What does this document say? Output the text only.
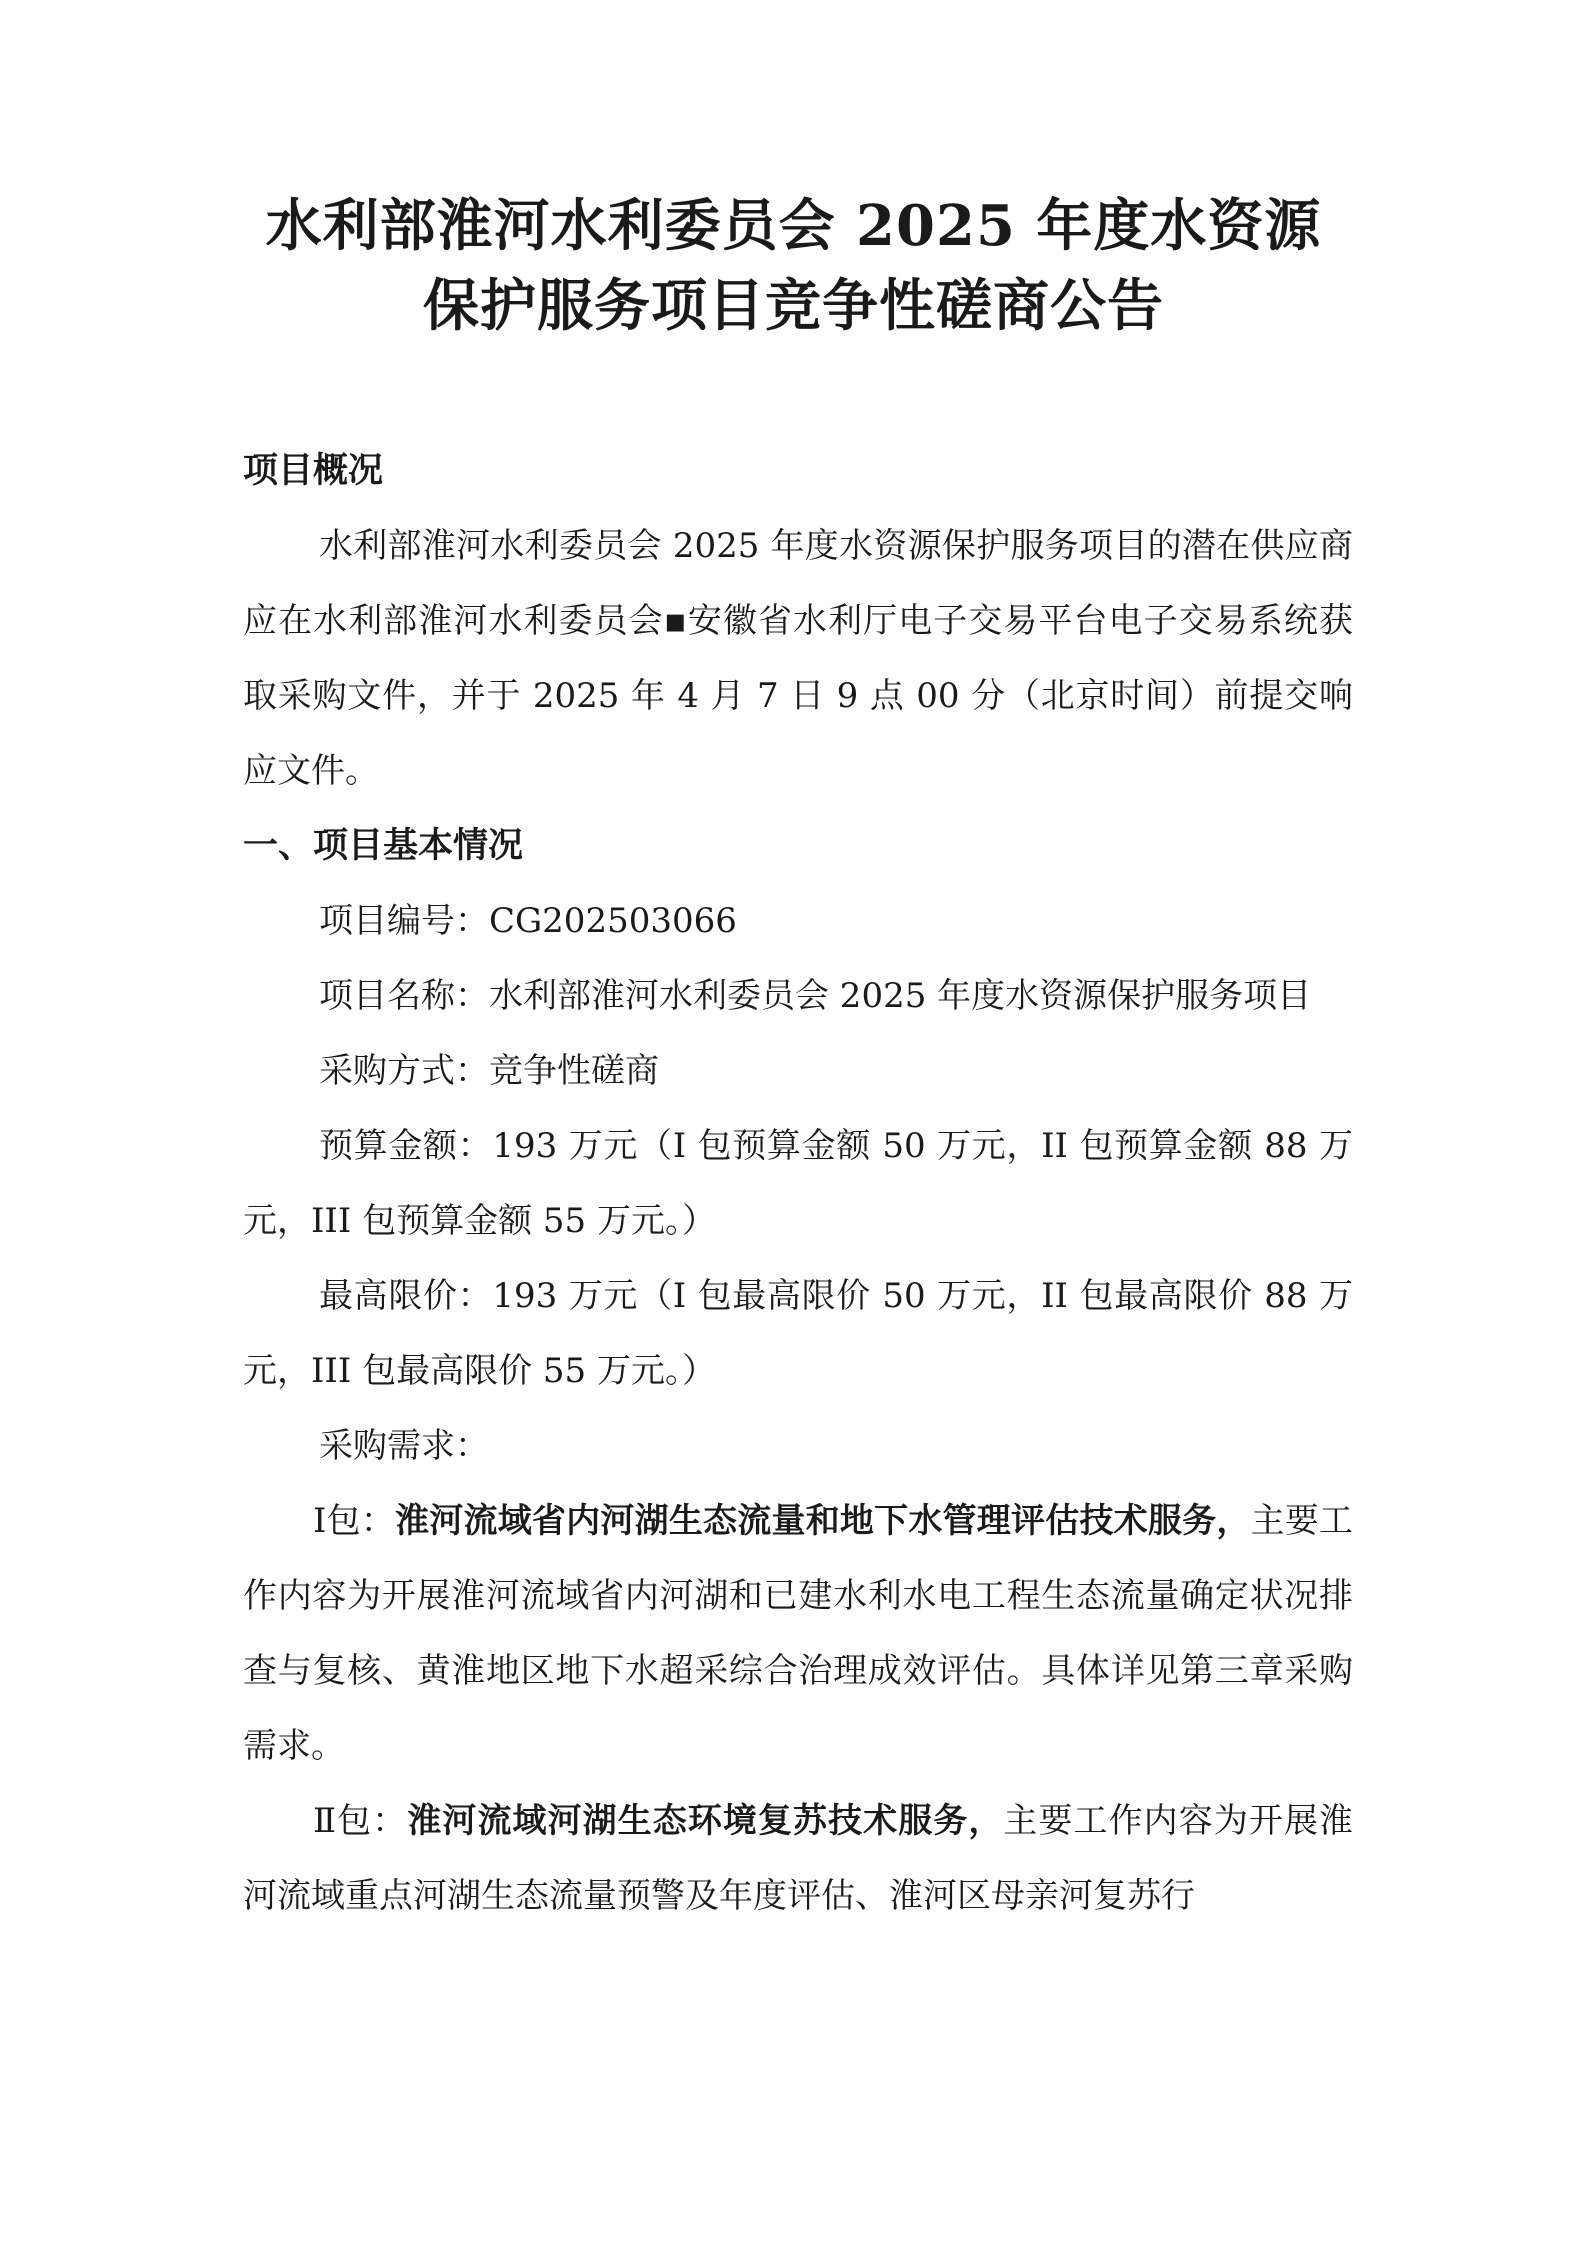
水利部淮河水利委员会 2025 年度水资源
保护服务项目竞争性磋商公告

项目概况

水利部淮河水利委员会 2025 年度水资源保护服务项目的潜在供应商应在水利部淮河水利委员会▪安徽省水利厅电子交易平台电子交易系统获取采购文件，并于 2025 年 4 月 7 日 9 点 00 分（北京时间）前提交响应文件。

一、项目基本情况

项目编号：CG202503066

项目名称：水利部淮河水利委员会 2025 年度水资源保护服务项目

采购方式：竞争性磋商

预算金额：193 万元（I 包预算金额 50 万元，II 包预算金额 88 万元，III 包预算金额 55 万元。）

最高限价：193 万元（I 包最高限价 50 万元，II 包最高限价 88 万元，III 包最高限价 55 万元。）

采购需求：

Ⅰ包：淮河流域省内河湖生态流量和地下水管理评估技术服务，主要工作内容为开展淮河流域省内河湖和已建水利水电工程生态流量确定状况排查与复核、黄淮地区地下水超采综合治理成效评估。具体详见第三章采购需求。

Ⅱ包：淮河流域河湖生态环境复苏技术服务，主要工作内容为开展淮河流域重点河湖生态流量预警及年度评估、淮河区母亲河复苏行
